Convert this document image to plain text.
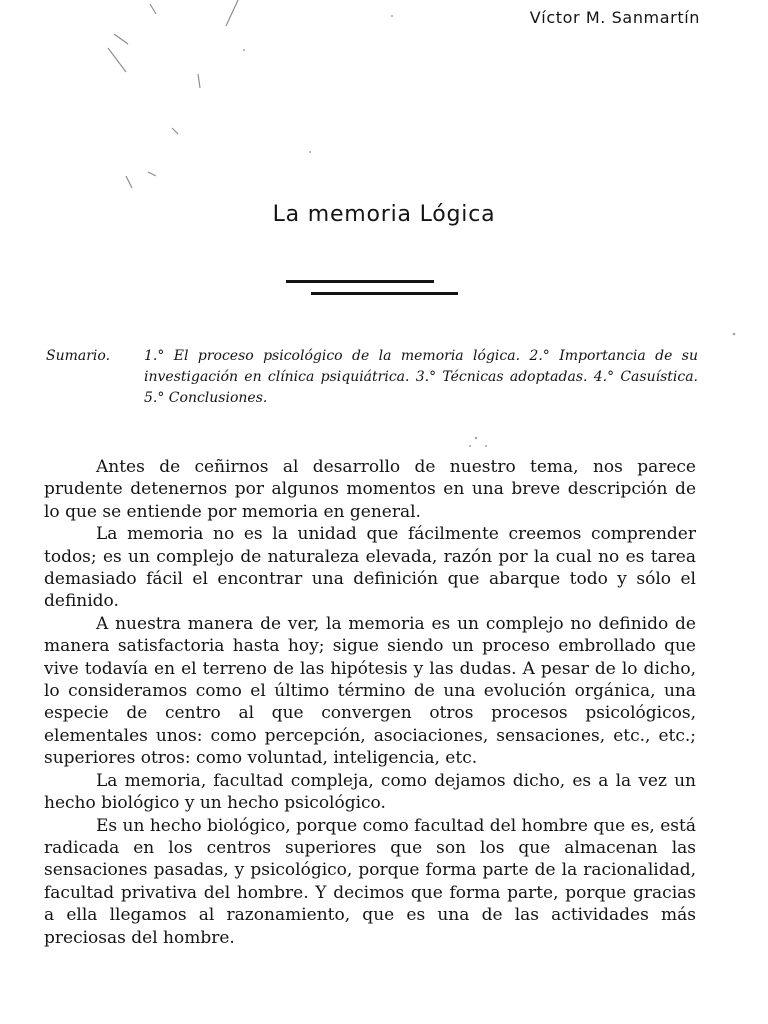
Víctor M. Sanmartín
La memoria Lógica
Sumario.	1.° El proceso psicológico de la memoria lógica. 2.° Importancia de su investigación en clínica psiquiátrica. 3.° Técnicas adoptadas. 4.° Casuística. 5.° Conclusiones.

Antes de ceñirnos al desarrollo de nuestro tema, nos parece prudente detenernos por algunos momentos en una breve descripción de lo que se entiende por memoria en general.

La memoria no es la unidad que fácilmente creemos comprender todos; es un complejo de naturaleza elevada, razón por la cual no es tarea demasiado fácil el encontrar una definición que abarque todo y sólo el definido.

A nuestra manera de ver, la memoria es un complejo no definido de manera satisfactoria hasta hoy; sigue siendo un proceso embrollado que vive todavía en el terreno de las hipótesis y las dudas. A pesar de lo dicho, lo consideramos como el último término de una evolución orgánica, una especie de centro al que convergen otros procesos psicológicos, elementales unos: como percepción, asociaciones, sensaciones, etc., etc.; superiores otros: como voluntad, inteligencia, etc.

La memoria, facultad compleja, como dejamos dicho, es a la vez un hecho biológico y un hecho psicológico.

Es un hecho biológico, porque como facultad del hombre que es, está radicada en los centros superiores que son los que almacenan las sensaciones pasadas, y psicológico, porque forma parte de la racionalidad, facultad privativa del hombre. Y decimos que forma parte, porque gracias a ella llegamos al razonamiento, que es una de las actividades más preciosas del hombre.
